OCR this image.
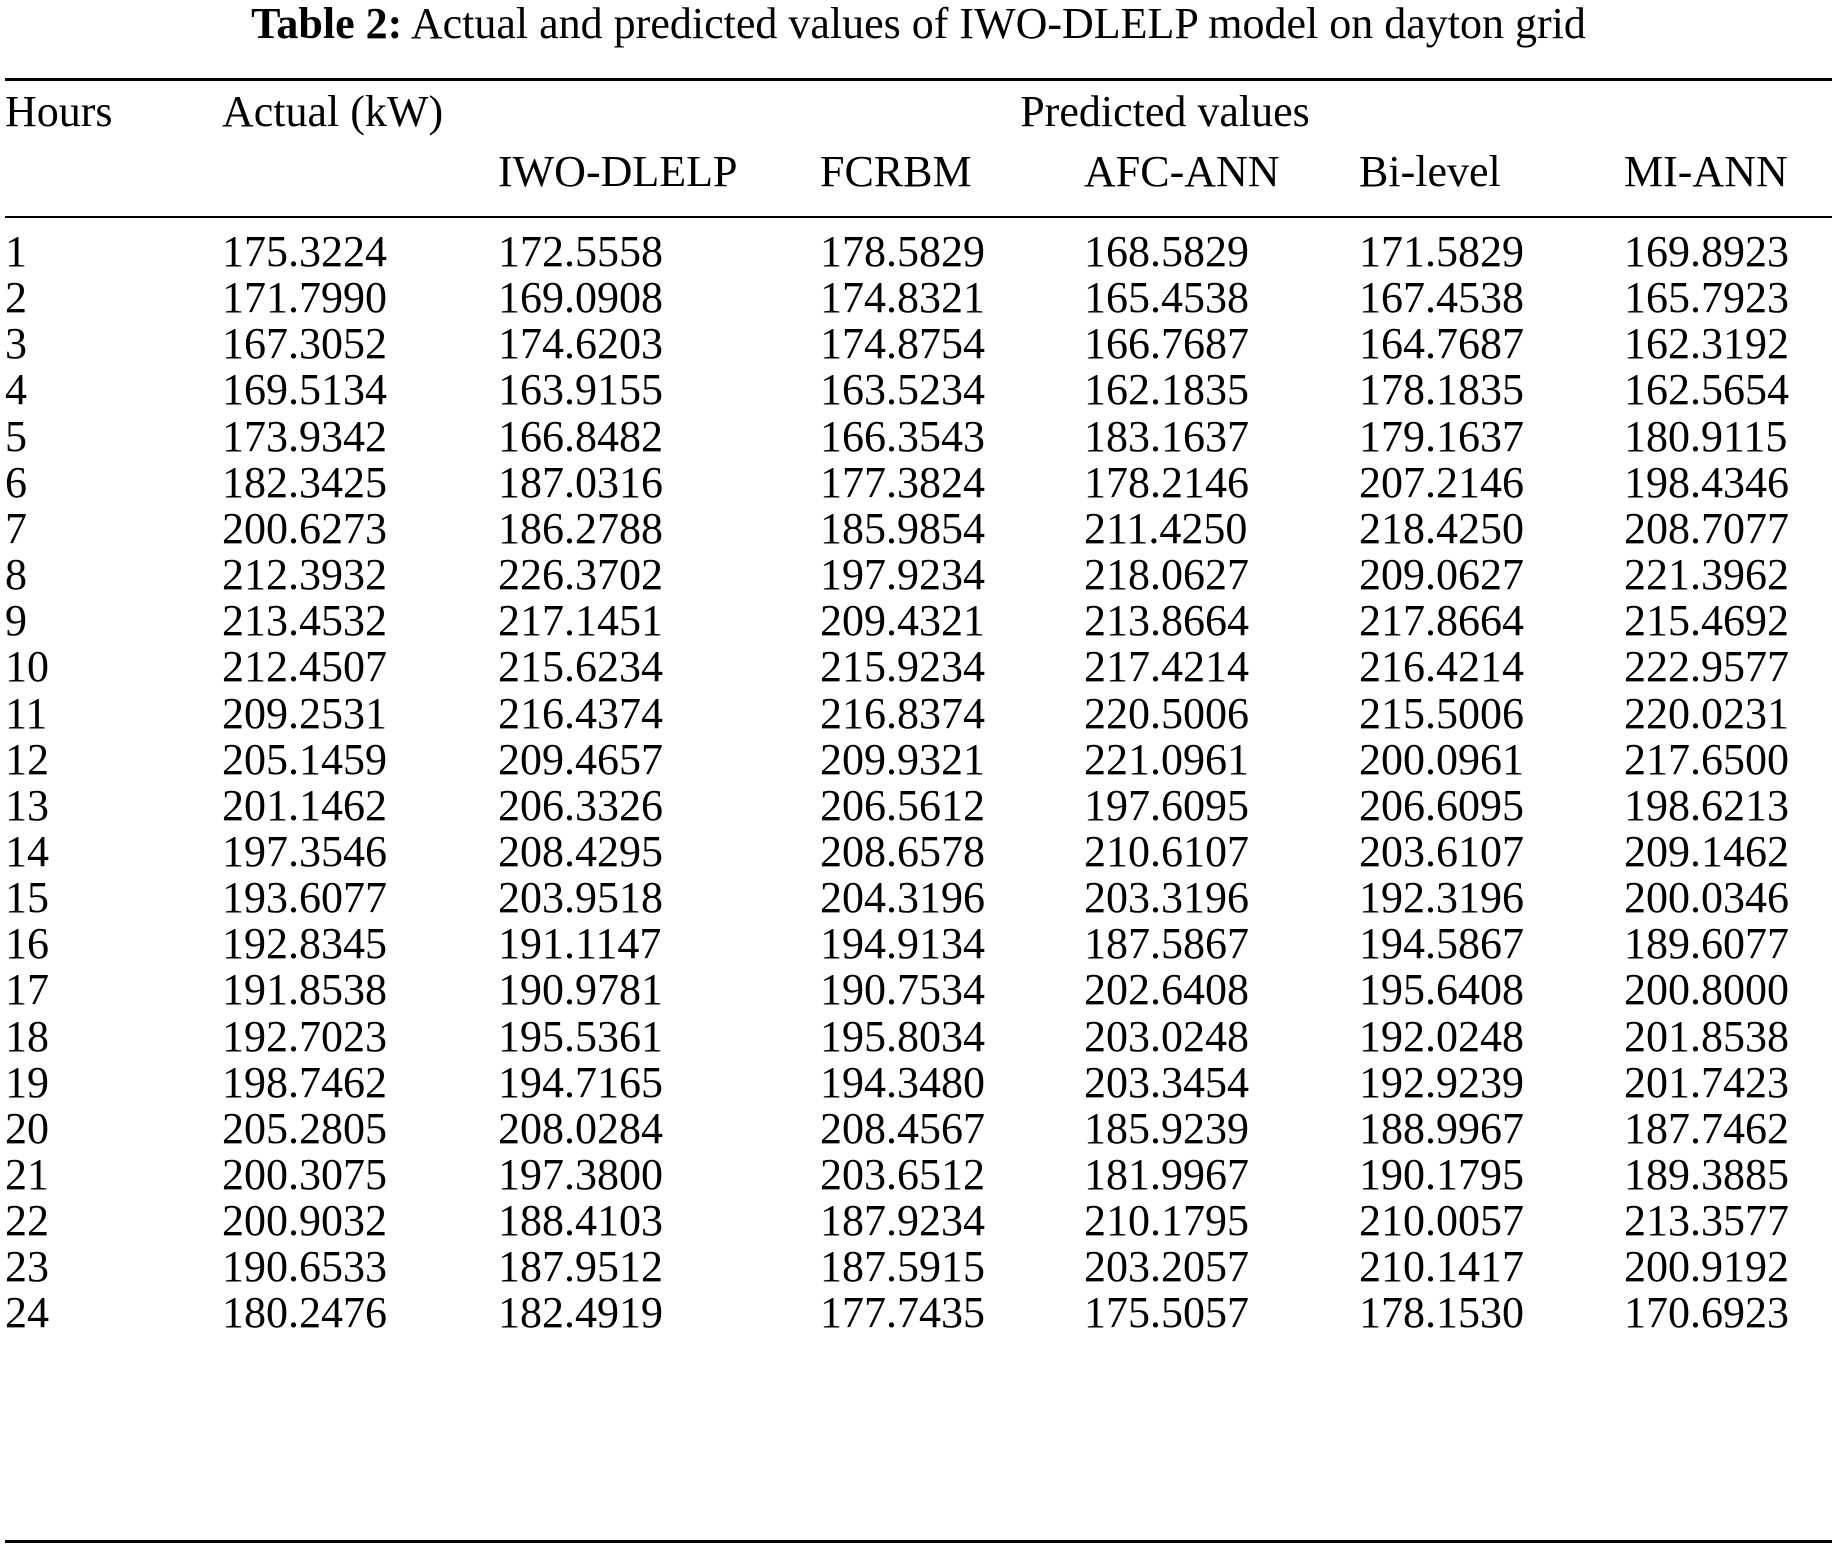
Table 2: Actual and predicted values of IWO-DLELP model on dayton grid
Hours Actual (kW)	Predicted values
IWO-DLELP FCRBM	AFC-ANN Bi-level	MI-ANN
1	175.3224	172.5558	178.5829 168.5829	171.5829 169.8923
2	171.7990	169.0908	174.8321 165.4538	167.4538 165.7923
3	167.3052	174.6203	174.8754 166.7687	164.7687 162.3192
4	169.5134	163.9155	163.5234 162.1835	178.1835 162.5654
5	173.9342	166.8482	166.3543 183.1637	179.1637 180.9115
6	182.3425	187.0316	177.3824 178.2146	207.2146 198.4346
7	200.6273	186.2788	185.9854 211.4250	218.4250 208.7077
8	212.3932	226.3702	197.9234 218.0627	209.0627 221.3962
9	213.4532	217.1451	209.4321 213.8664	217.8664 215.4692
10	212.4507	215.6234	215.9234 217.4214	216.4214 222.9577
11	209.2531	216.4374	216.8374 220.5006	215.5006 220.0231
12	205.1459	209.4657	209.9321 221.0961	200.0961 217.6500
13	201.1462	206.3326	206.5612 197.6095	206.6095 198.6213
14	197.3546	208.4295	208.6578 210.6107	203.6107 209.1462
15	193.6077	203.9518	204.3196 203.3196	192.3196 200.0346
16	192.8345	191.1147	194.9134 187.5867	194.5867 189.6077
17	191.8538	190.9781	190.7534 202.6408	195.6408 200.8000
18	192.7023	195.5361	195.8034 203.0248	192.0248 201.8538
19	198.7462	194.7165	194.3480 203.3454	192.9239 201.7423
20	205.2805	208.0284	208.4567 185.9239	188.9967 187.7462
21	200.3075	197.3800	203.6512 181.9967	190.1795 189.3885
22	200.9032	188.4103	187.9234 210.1795	210.0057 213.3577
23	190.6533	187.9512	187.5915 203.2057	210.1417 200.9192
24	180.2476	182.4919	177.7435 175.5057	178.1530 170.6923
